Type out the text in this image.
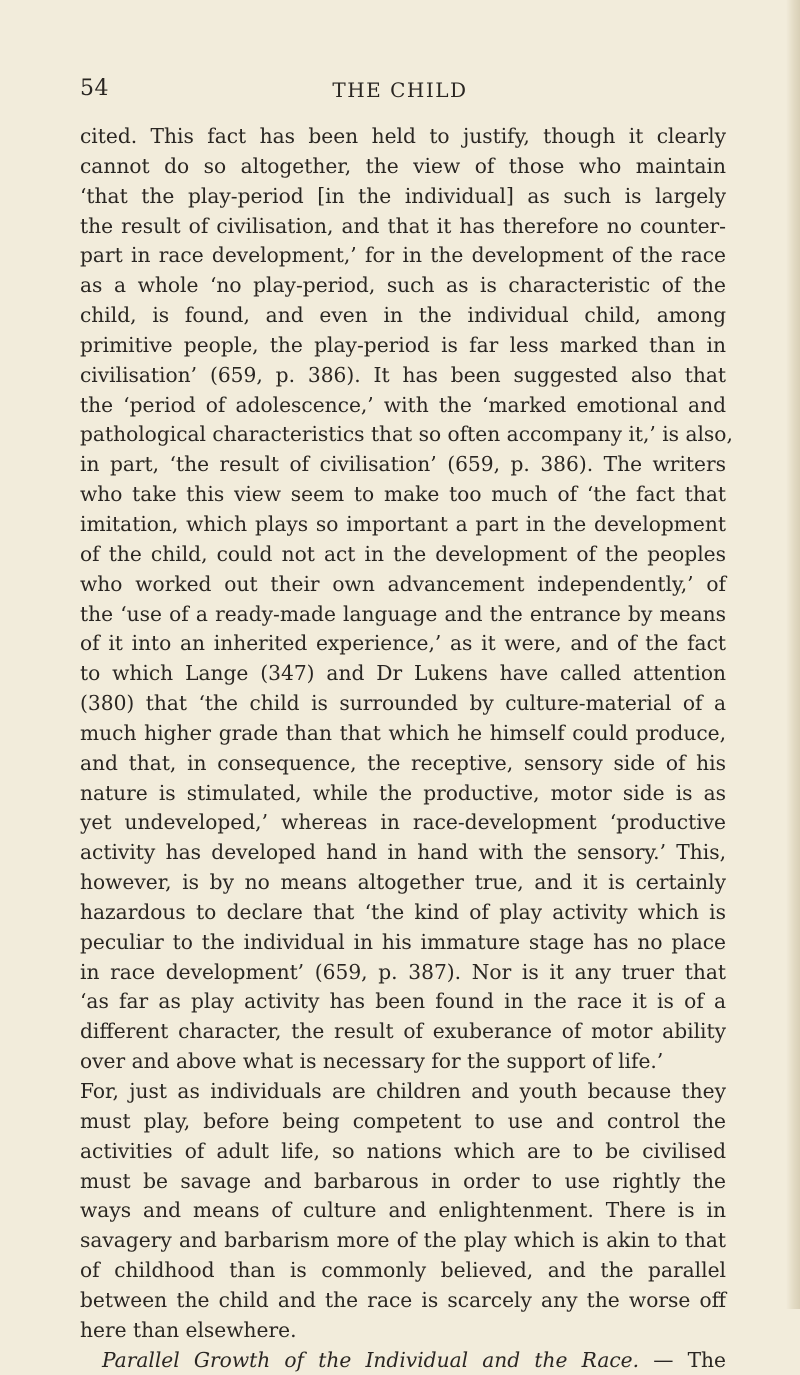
54	THE CHILD
cited. This fact has been held to justify, though it clearly
cannot do so altogether, the view of those who maintain
‘that the play-period [in the individual] as such is largely
the result of civilisation, and that it has therefore no counter-
part in race development,’ for in the development of the race
as a whole ‘no play-period, such as is characteristic of the
child, is found, and even in the individual child, among
primitive people, the play-period is far less marked than in
civilisation’ (659, p. 386). It has been suggested also that
the ‘period of adolescence,’ with the ‘marked emotional and
pathological characteristics that so often accompany it,’ is also,
in part, ‘the result of civilisation’ (659, p. 386). The writers
who take this view seem to make too much of ‘the fact that
imitation, which plays so important a part in the development
of the child, could not act in the development of the peoples
who worked out their own advancement independently,’ of
the ‘use of a ready-made language and the entrance by means
of it into an inherited experience,’ as it were, and of the fact
to which Lange (347) and Dr Lukens have called attention
(380) that ‘the child is surrounded by culture-material of a
much higher grade than that which he himself could produce,
and that, in consequence, the receptive, sensory side of his
nature is stimulated, while the productive, motor side is as
yet undeveloped,’ whereas in race-development ‘productive
activity has developed hand in hand with the sensory.’ This,
however, is by no means altogether true, and it is certainly
hazardous to declare that ‘the kind of play activity which is
peculiar to the individual in his immature stage has no place
in race development’ (659, p. 387). Nor is it any truer that
‘as far as play activity has been found in the race it is of a
different character, the result of exuberance of motor ability
over and above what is necessary for the support of life.’
For, just as individuals are children and youth because they
must play, before being competent to use and control the
activities of adult life, so nations which are to be civilised
must be savage and barbarous in order to use rightly the
ways and means of culture and enlightenment. There is in
savagery and barbarism more of the play which is akin to that
of childhood than is commonly believed, and the parallel
between the child and the race is scarcely any the worse off
here than elsewhere.
Parallel Growth of the Individual and the Race. — The
